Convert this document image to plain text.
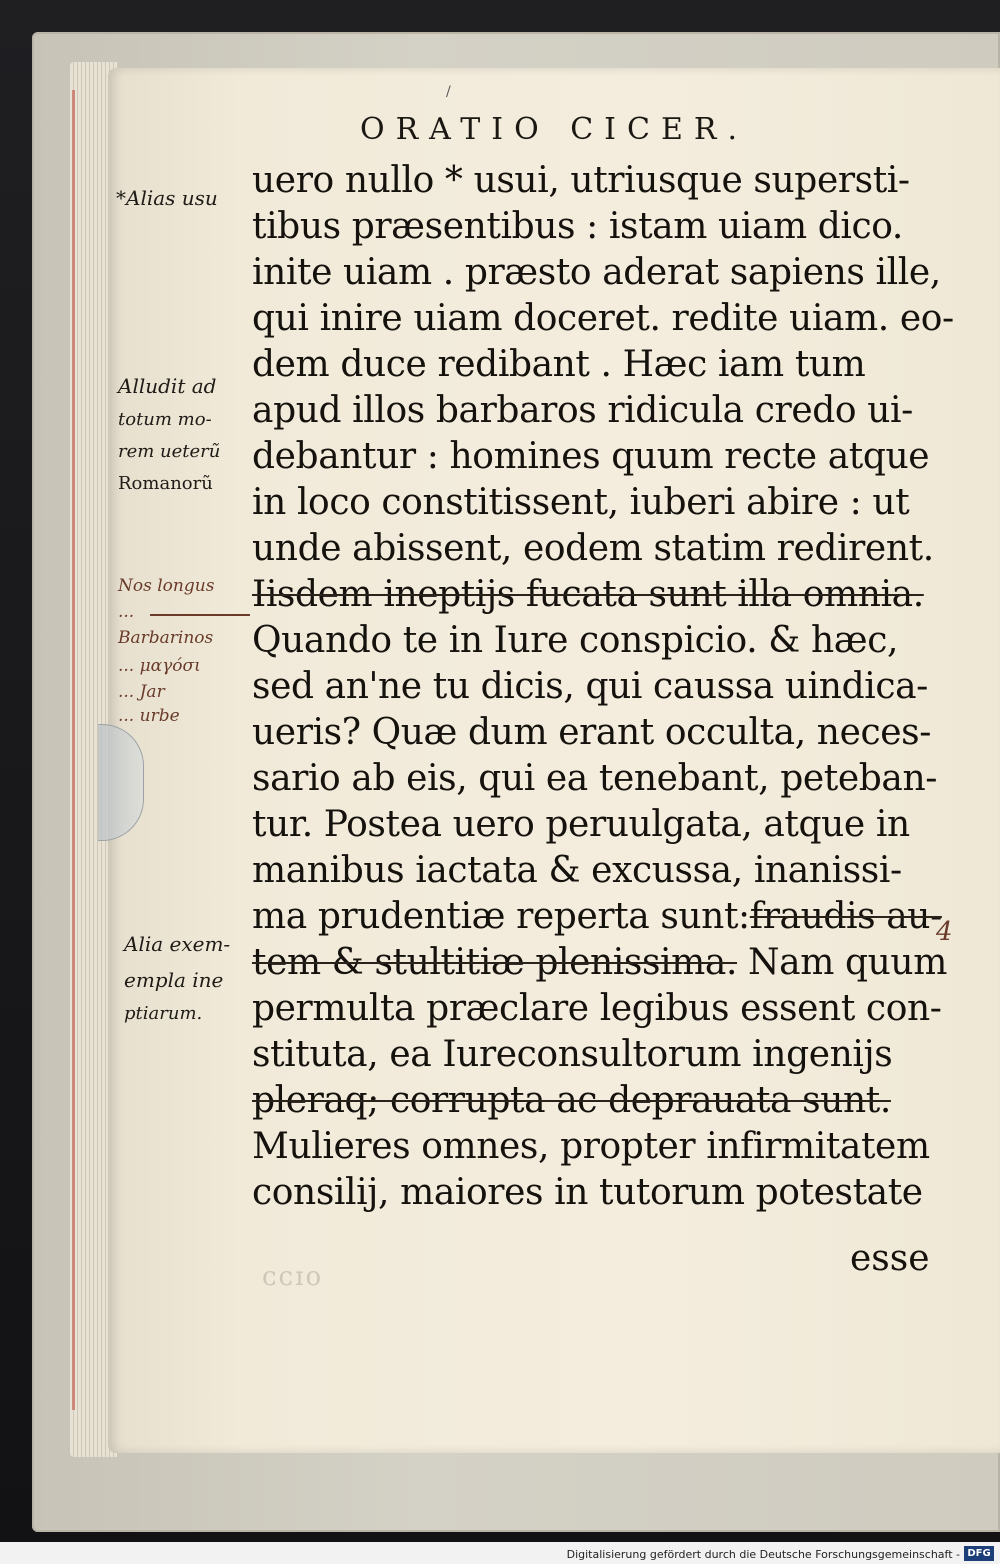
/
ORATIO CICER.
uero nullo * usui, utriusque supersti-
tibus præsentibus : istam uiam dico.
inite uiam . præsto aderat sapiens ille,
qui inire uiam doceret. redite uiam. eo-
dem duce redibant . Hæc iam tum
apud illos barbaros ridicula credo ui-
debantur : homines quum recte atque
in loco constitissent, iuberi abire : ut
unde abissent, eodem statim redirent.
Iisdem ineptijs fucata sunt illa omnia.
Quando te in Iure conspicio. & hæc,
sed an'ne tu dicis, qui caussa uindica-
ueris? Quæ dum erant occulta, neces-
sario ab eis, qui ea tenebant, peteban-
tur. Postea uero peruulgata, atque in
manibus iactata & excussa, inanissi-
ma prudentiæ reperta sunt:fraudis au-
tem & stultitiæ plenissima. Nam quum
permulta præclare legibus essent con-
stituta, ea Iureconsultorum ingenijs
pleraq; corrupta ac deprauata sunt.
Mulieres omnes, propter infirmitatem
consilij, maiores in tutorum potestate
esse
*Alias usu
Alludit ad
totum mo-
rem ueterũ
Romanorũ
Alia exem-
empla ine
ptiarum.
Nos longus
...
Barbarinos
... μαγόσι
... Jar
... urbe
4
ᴄᴄɪᴏ
Digitalisierung gefördert durch die Deutsche Forschungsgemeinschaft - DFG
